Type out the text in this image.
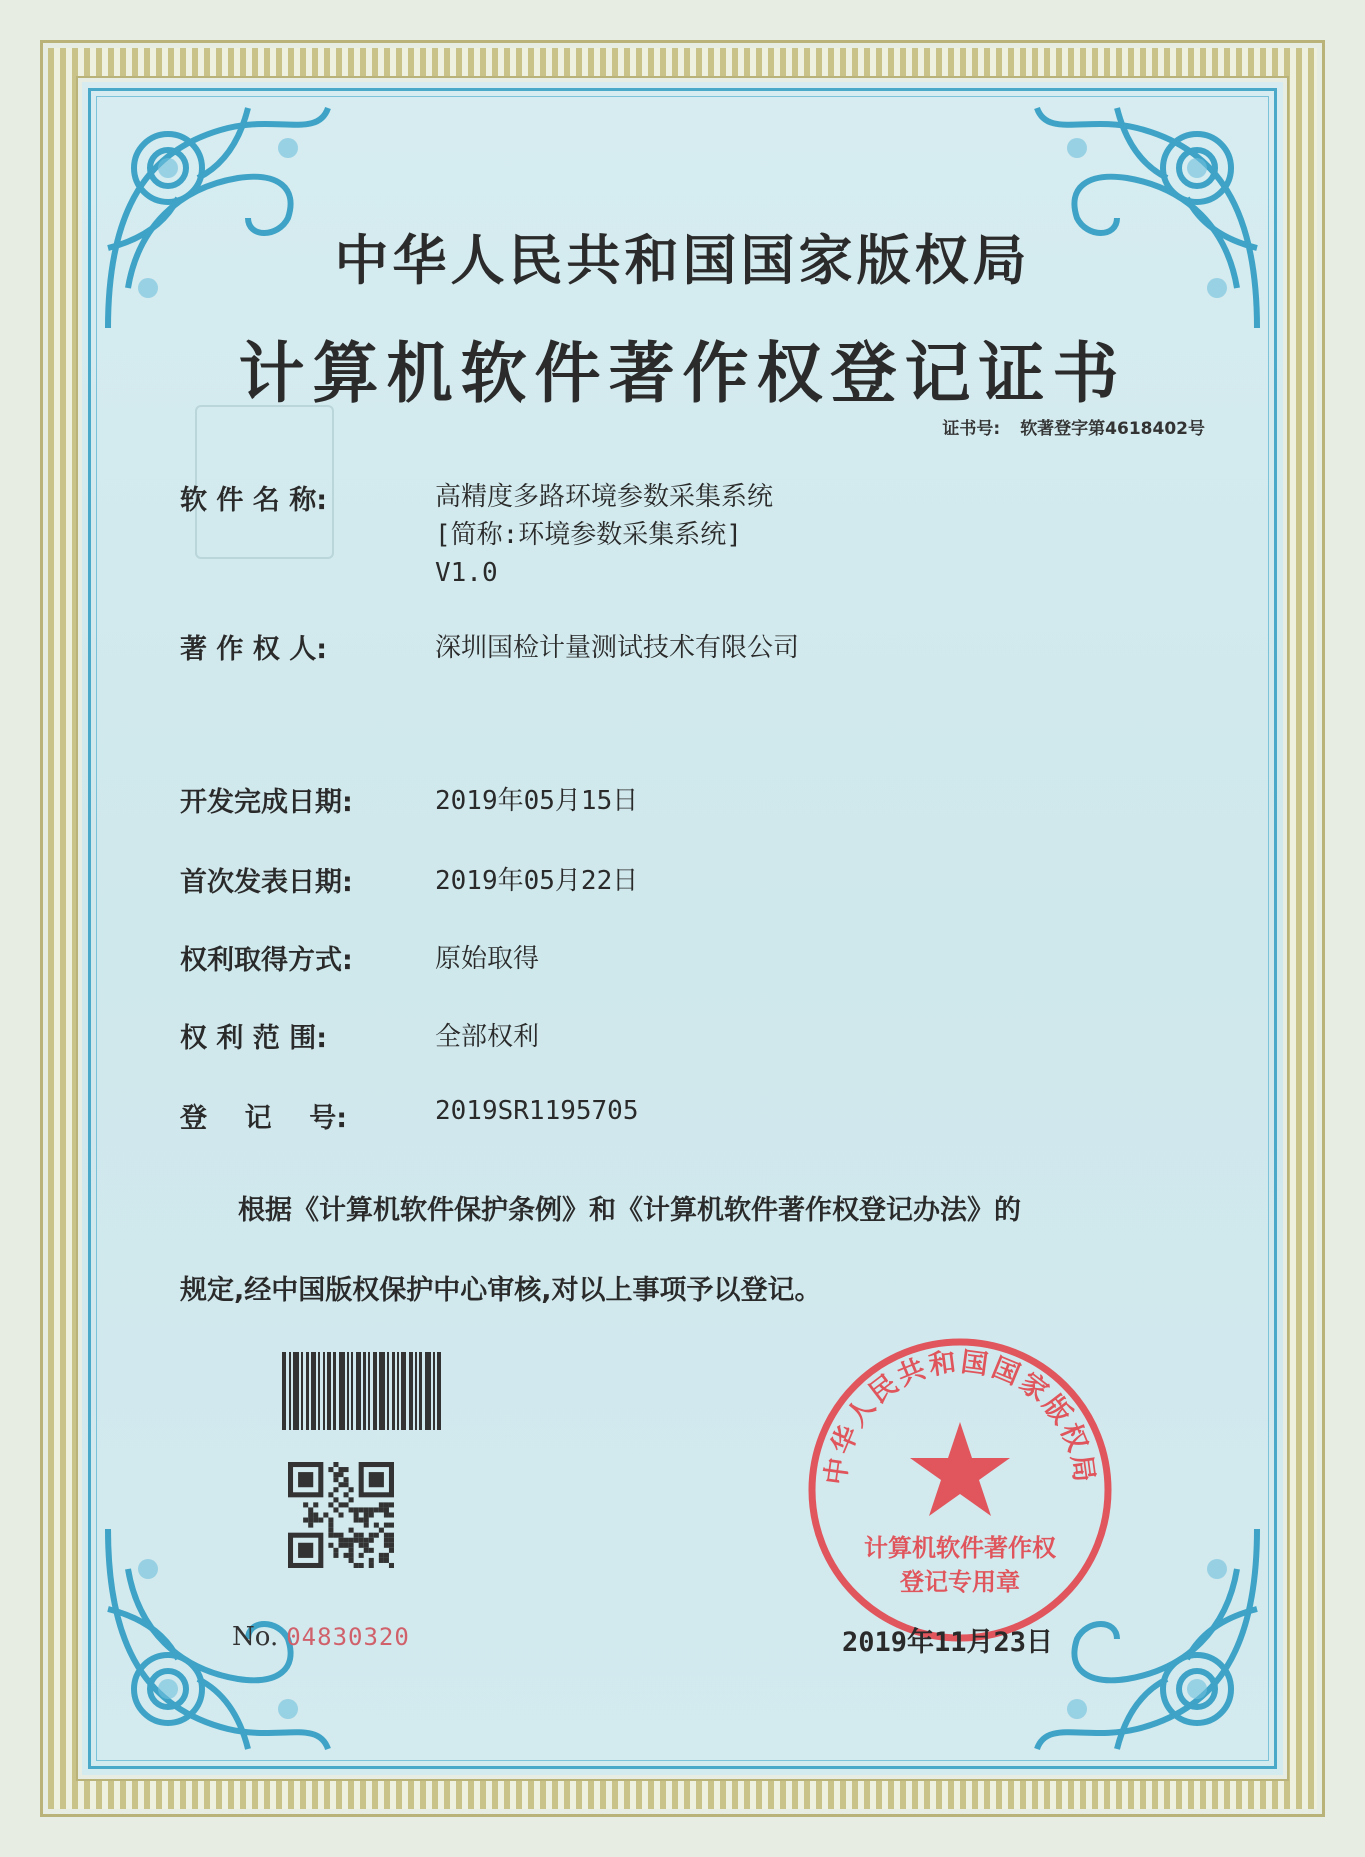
中华人民共和国国家版权局
计算机软件著作权登记证书
证书号: 软著登字第4618402号
软 件 名 称:	高精度多路环境参数采集系统
[简称:环境参数采集系统]
V1.0
著 作 权 人:	深圳国检计量测试技术有限公司
开发完成日期:	2019年05月15日
首次发表日期:	2019年05月22日
权利取得方式:	原始取得
权 利 范 围:	全部权利
登    记    号:	2019SR1195705
根据《计算机软件保护条例》和《计算机软件著作权登记办法》的
规定,经中国版权保护中心审核,对以上事项予以登记。
No. 04830320
中华人民共和国国家版权局
计算机软件著作权
登记专用章
2019年11月23日
